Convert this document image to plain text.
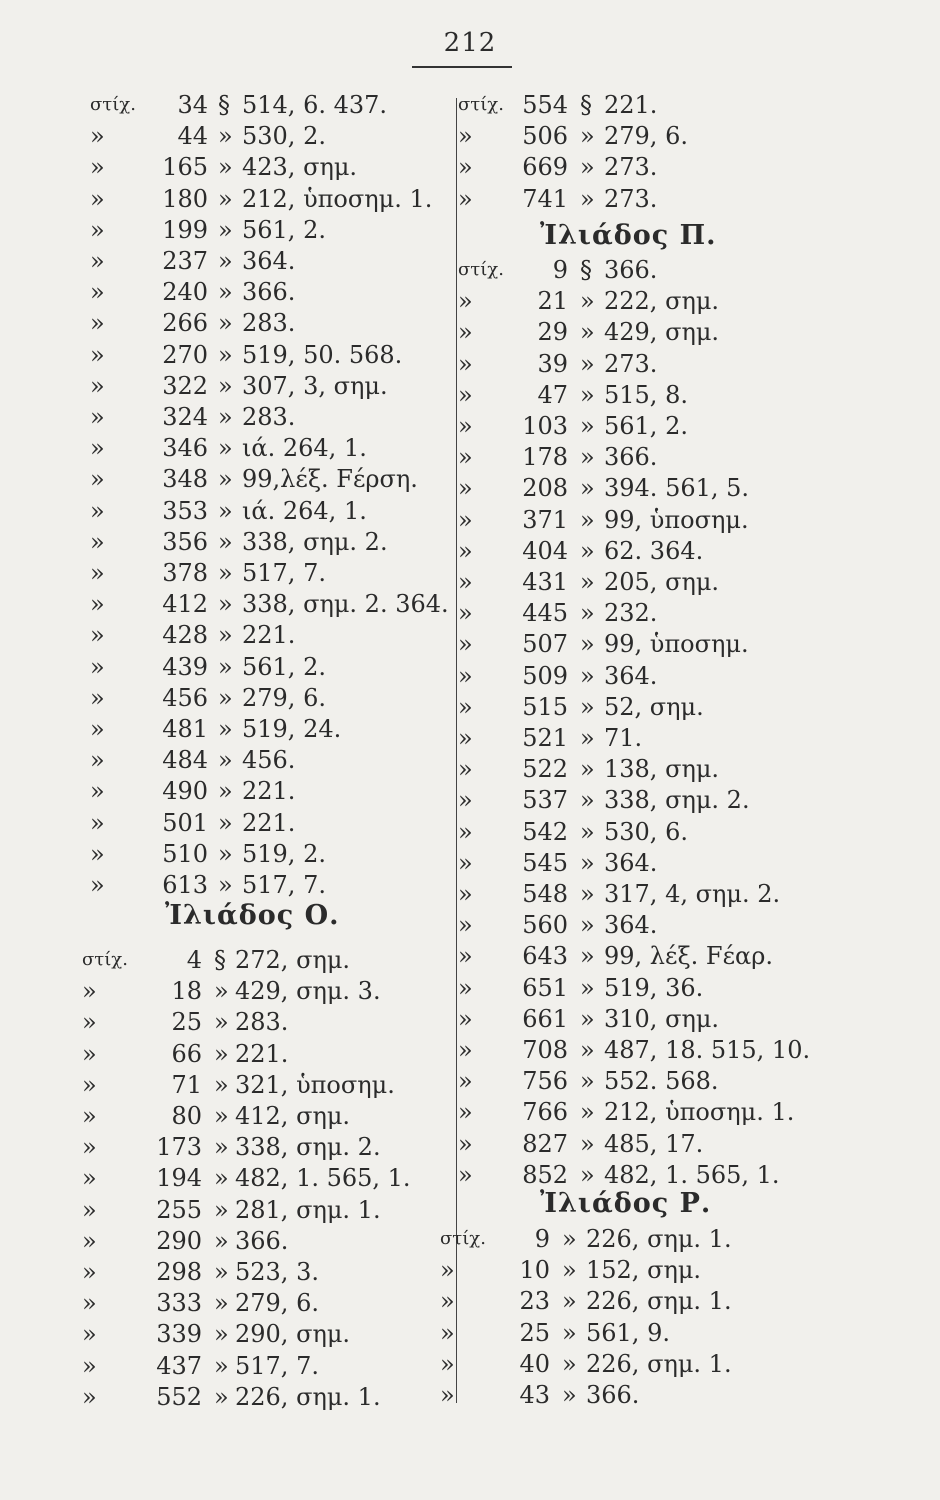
212
στίχ.	34 § 514, 6. 437.
»	44 » 530, 2.
»	165 » 423, σημ.
»	180 » 212, ὑποσημ. 1.
»	199 » 561, 2.
»	237 » 364.
»	240 » 366.
»	266 » 283.
»	270 » 519, 50. 568.
»	322 » 307, 3, σημ.
»	324 » 283.
»	346 » ιά. 264, 1.
»	348 » 99,λέξ. Fέρση.
»	353 » ιά. 264, 1.
»	356 » 338, σημ. 2.
»	378 » 517, 7.
»	412 » 338, σημ. 2. 364.
»	428 » 221.
»	439 » 561, 2.
»	456 » 279, 6.
»	481 » 519, 24.
»	484 » 456.
»	490 » 221.
»	501 » 221.
»	510 » 519, 2.
»	613 » 517, 7.
Ἰλιάδος Ο.
στίχ.	4 § 272, σημ.
»	18 » 429, σημ. 3.
»	25 » 283.
»	66 » 221.
»	71 » 321, ὑποσημ.
»	80 » 412, σημ.
»	173 » 338, σημ. 2.
»	194 » 482, 1. 565, 1.
»	255 » 281, σημ. 1.
»	290 » 366.
»	298 » 523, 3.
»	333 » 279, 6.
»	339 » 290, σημ.
»	437 » 517, 7.
»	552 » 226, σημ. 1.
στίχ. 554 § 221.
»	506 » 279, 6.
»	669 » 273.
»	741 » 273.
Ἰλιάδος Π.
στίχ.	9 § 366.
»	21 » 222, σημ.
»	29 » 429, σημ.
»	39 » 273.
»	47 » 515, 8.
»	103 » 561, 2.
»	178 » 366.
»	208 » 394. 561, 5.
»	371 » 99, ὑποσημ.
»	404 » 62. 364.
»	431 » 205, σημ.
»	445 » 232.
»	507 » 99, ὑποσημ.
»	509 » 364.
»	515 » 52, σημ.
»	521 » 71.
»	522 » 138, σημ.
»	537 » 338, σημ. 2.
»	542 » 530, 6.
»	545 » 364.
»	548 » 317, 4, σημ. 2.
»	560 » 364.
»	643 » 99, λέξ. Fέαρ.
»	651 » 519, 36.
»	661 » 310, σημ.
»	708 » 487, 18. 515, 10.
»	756 » 552. 568.
»	766 » 212, ὑποσημ. 1.
»	827 » 485, 17.
»	852 » 482, 1. 565, 1.
Ἰλιάδος Ρ.
στίχ.	9 » 226, σημ. 1.
»	10 » 152, σημ.
»	23 » 226, σημ. 1.
»	25 » 561, 9.
»	40 » 226, σημ. 1.
»	43 » 366.
